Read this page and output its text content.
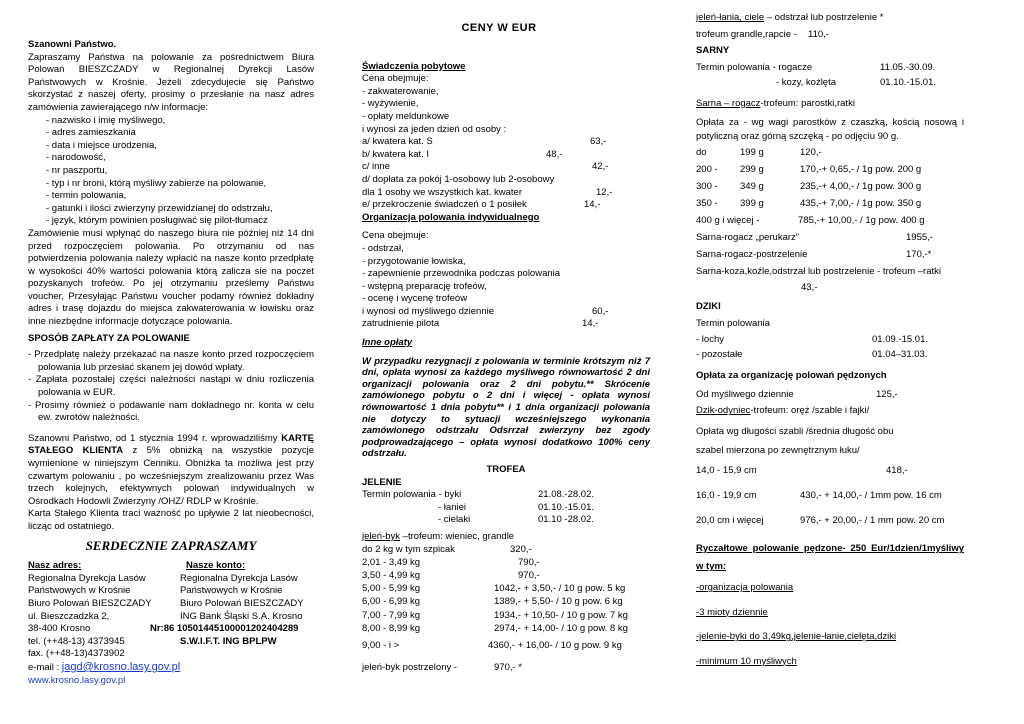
Szanowni Państwo.

Zapraszamy Państwa na polowanie za pośrednictwem Biura Polowań BIESZCZADY w Regionalnej Dyrekcji Lasów Państwowych w Krośnie. Jeżeli zdecydujecie się Państwo skorzystać z naszej oferty, prosimy o przesłanie na nasz adres zamówienia zawierającego n/w informacje:

- nazwisko i imię myśliwego,
- adres zamieszkania
- data i miejsce urodzenia,
- narodowość,
- nr paszportu,
- typ i nr broni, którą myśliwy zabierze na polowanie,
- termin polowania,
- gatunki i ilości zwierzyny przewidzianej do odstrzału,
- język, którym powinien posługiwać się pilot-tłumacz

Zamówienie musi wpłynąć do naszego biura nie później niż 14 dni przed rozpoczęciem polowania. Po otrzymaniu od nas potwierdzenia polowania należy wpłacić na nasze konto przedpłatę w wysokości 40% wartości polowania którą zalicza sie na poczet pozyskanych trofeów. Po jej otrzymaniu prześlemy Państwu voucher, Przesyłając Państwu voucher podamy również dokładny adres i trasę dojazdu do miejsca zakwaterowania w łowisku oraz inne niezbędne informacje dotyczące polowania.

SPOSÓB ZAPŁATY ZA POLOWANIE

- Przedpłatę należy przekazać na nasze konto przed rozpoczęciem polowania lub przesłać skanem jej dowód wpłaty.
- Zapłata pozostałej części należności nastąpi w dniu rozliczenia polowania w EUR.
- Prosimy również o podawanie nam dokładnego nr. konta w celu ew. zwrotów należności.

Szanowni Państwo, od 1 stycznia 1994 r. wprowadziliśmy KARTĘ STAŁEGO KLIENTA z 5% obniżką na wszystkie pozycje wymienione w niniejszym Cenniku. Obniżka ta możliwa jest przy czwartym polowaniu , po wcześniejszym zrealizowaniu przez Was trzech kolejnych, efektywnych polowań indywidualnych w Ośrodkach Hodowli Zwierzyny /OHZ/ RDLP w Krośnie.

Karta Stałego Klienta traci ważność po upływie 2 lat nieobecności, licząc od ostatniego.

SERDECZNIE ZAPRASZAMY

Nasz adres:	Nasze konto:
Regionalna Dyrekcja Lasów	Regionalna Dyrekcja Lasów
Państwowych w Krośnie	Państwowych w Krośnie
Biuro Polowań BIESZCZADY	Biuro Polowań BIESZCZADY
ul. Bieszczadzka 2,	ING Bank Śląski S.A. Krosno
38-400 Krosno	Nr:86 10501445100001202404289
tel. (++48-13) 4373945	S.W.I.F.T. ING BPLPW
fax. (++48-13)4373902
e-mail : jagd@krosno.lasy.gov.pl
www.krosno.lasy.gov.pl

CENY W EUR

Świadczenia pobytowe

Cena obejmuje:
- zakwaterowanie,
- wyżywienie,
- opłaty meldunkowe
i wynosi za jeden dzień od osoby :
a/ kwatera kat. S	63,-
b/ kwatera kat. I	48,-
c/ inne	42,-
d/ dopłata za pokój 1-osobowy lub 2-osobowy
dla 1 osoby we wszystkich kat. kwater	12,-
e/ przekroczenie świadczeń o 1 posiłek	14,-

Organizacja polowania indywidualnego

Cena obejmuje:
- odstrzał,
- przygotowanie łowiska,
- zapewnienie przewodnika podczas polowania
- wstępną preparację trofeów,
- ocenę i wycenę trofeów
i wynosi od myśliwego dziennie	60,-
zatrudnienie pilota	14,-

Inne opłaty

W przypadku rezygnacji z polowania w terminie krótszym niż 7 dni, opłata wynosi za każdego myśliwego równowartość 2 dni organizacji polowania oraz 2 dni pobytu.** Skrócenie zamówionego pobytu o 2 dni i więcej - opłata wynosi równowartość 1 dnia pobytu** i 1 dnia organizacji polowania nie dotyczy to sytuacji wcześniejszego wykonania zamówionego odstrzału Odsrrzał zwierzyny bez zgody podprowadzającego – opłata wynosi dodatkowo 100% ceny odstrzału.

TROFEA

JELENIE

Termin polowania - byki	21.08.-28.02.
- łaniei	01.10.-15.01.
- cielaki	01.10 -28.02.

jeleń-byk –trofeum: wieniec, grandle

do 2 kg w tym szpicak	320,-
2,01 - 3,49 kg	790,-
3,50 - 4,99 kg	970,-
5,00 - 5,99 kg	1042,- + 3,50,- / 10 g pow. 5 kg
6,00 - 6,99 kg	1389,- + 5,50- / 10 g pow. 6 kg
7,00 - 7,99 kg	1934,- + 10,50- / 10 g pow. 7 kg
8,00 - 8,99 kg	2974,- + 14,00- / 10 g pow. 8 kg
9,00 - i >	4360,- + 16,00- / 10 g pow. 9 kg
jeleń-byk postrzelony -	970,- *

jeleń-łania, ciele – odstrzał lub postrzelenie *

trofeum grandle,rapcie - 110,-

SARNY

Termin polowania - rogacze	11.05.-30.09.
- kozy, koźlęta	01.10.-15.01.

Sarna – rogacz-trofeum: parostki,ratki

Opłata za - wg wagi parostków z czaszką, kością nosową i potyliczną oraz górną szczęką - po odjęciu 90 g.

do	199 g	120,-
200 - 299 g	170,-+ 0,65,- / 1g pow. 200 g
300 - 349 g	235,-+ 4,00,- / 1g pow. 300 g
350 - 399 g	435,-+ 7,00,- / 1g pow. 350 g
400 g i więcej -	785,-+ 10,00,- / 1g pow. 400 g
Sarna-rogacz „perukarz”	1955,-
Sarna-rogacz-postrzelenie	170,-*

Sarna-koza,koźle,odstrzał lub postrzelenie - trofeum –ratki

43,-

DZIKI

Termin polowania

- lochy	01.09.-15.01.
- pozostałe	01.04–31.03.

Opłata za organizację polowań pędzonych

Od myśliwego dziennie	125,-

Dzik-odyniec-trofeum: oręż /szable i fajki/

Opłata wg długości szabli /średnia długość obu

szabel mierzona po zewnętrznym łuku/

14,0 - 15,9 cm	418,-
16,0 - 19,9 cm	430,- + 14,00,- / 1mm pow. 16 cm
20,0 cm i więcej	976,- + 20,00,- / 1 mm pow. 20 cm

Ryczałtowe polowanie pędzone- 250 Eur/1dzien/1myśliwy w tym:

-organizacja polowania
-3 mioty dziennie
-jelenie-byki do 3,49kg,jelenie-łanie,cielęta,dziki
-minimum 10 myśliwych
